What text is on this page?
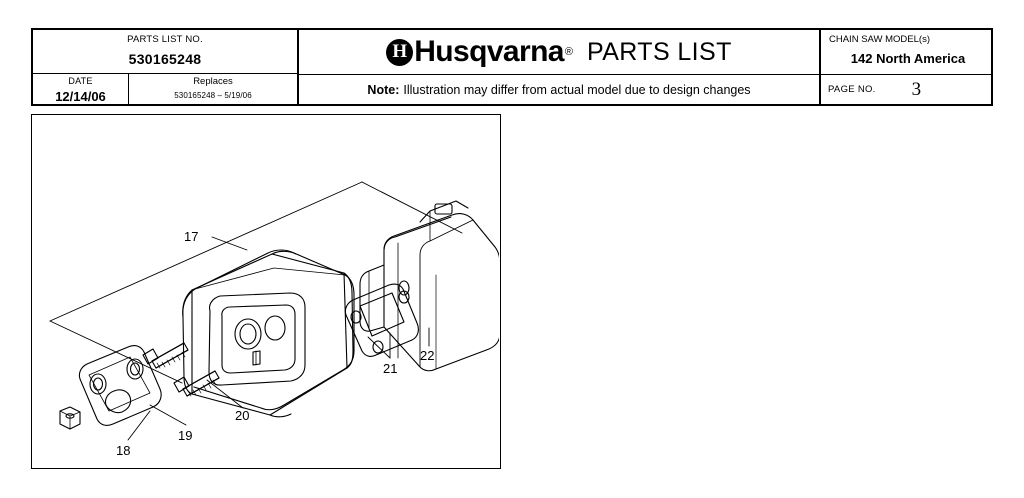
PARTS LIST NO.
530165248
DATE
12/14/06
Replaces
530165248 – 5/19/06
H Husqvarna ® PARTS LIST
Note: Illustration may differ from actual model due to design changes
CHAIN SAW MODEL(s)
142 North America
PAGE NO. 3
17
18
19
20
21
22
